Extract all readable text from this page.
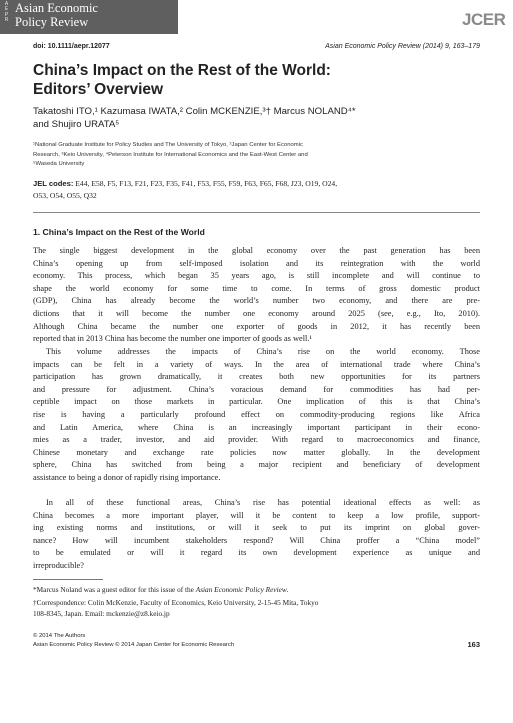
A
E
P
R
Asian Economic
Policy Review	JCER
doi: 10.1111/aepr.12077	Asian Economic Policy Review (2014) 9, 163–179
China’s Impact on the Rest of the World:
Editors’ Overview
Takatoshi ITO,¹ Kazumasa IWATA,² Colin MCKENZIE,³† Marcus NOLAND⁴*
and Shujiro URATA⁵
¹National Graduate Institute for Policy Studies and The University of Tokyo, ²Japan Center for Economic
Research, ³Keio University, ⁴Peterson Institute for International Economics and the East-West Center and
⁵Waseda University
JEL codes: E44, E58, F5, F13, F21, F23, F35, F41, F53, F55, F59, F63, F65, F68, J23, O19, O24,
O53, O54, O55, Q32
1. China’s Impact on the Rest of the World
The single biggest development in the global economy over the past generation has been
China’s opening up from self-imposed isolation and its reintegration with the world
economy. This process, which began 35 years ago, is still incomplete and will continue to
shape the world economy for some time to come. In terms of gross domestic product
(GDP), China has already become the world’s number two economy, and there are pre-
dictions that it will become the number one economy around 2025 (see, e.g., Ito, 2010).
Although China became the number one exporter of goods in 2012, it has recently been
reported that in 2013 China has become the number one importer of goods as well.¹
This volume addresses the impacts of China’s rise on the world economy. Those
impacts can be felt in a variety of ways. In the area of international trade where China’s
participation has grown dramatically, it creates both new opportunities for its partners
and pressure for adjustment. China’s voracious demand for commodities has had per-
ceptible impact on those markets in particular. One implication of this is that China’s
rise is having a particularly profound effect on commodity-producing regions like Africa
and Latin America, where China is an increasingly important participant in their econo-
mies as a trader, investor, and aid provider. With regard to macroeconomics and finance,
Chinese monetary and exchange rate policies now matter globally. In the development
sphere, China has switched from being a major recipient and beneficiary of development
assistance to being a donor of rapidly rising importance.
In all of these functional areas, China’s rise has potential ideational effects as well: as
China becomes a more important player, will it be content to keep a low profile, support-
ing existing norms and institutions, or will it seek to put its imprint on global gover-
nance? How will incumbent stakeholders respond? Will China proffer a “China model”
to be emulated or will it regard its own development experience as unique and
irreproducible?
*Marcus Noland was a guest editor for this issue of the Asian Economic Policy Review.
†Correspondence: Colin McKenzie, Faculty of Economics, Keio University, 2-15-45 Mita, Tokyo
108-8345, Japan. Email: mckenzie@z8.keio.jp
© 2014 The Authors
Asian Economic Policy Review © 2014 Japan Center for Economic Research	163
